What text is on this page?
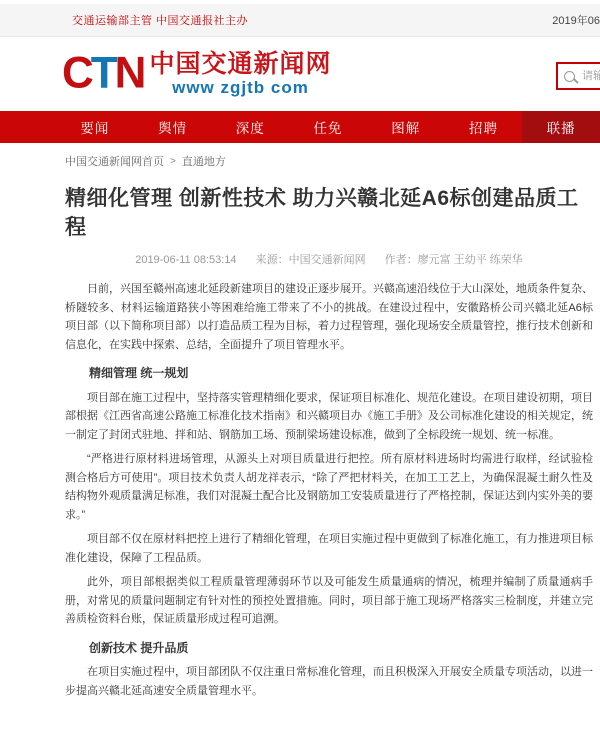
交通运输部主管 中国交通报社主办	2019年06
CTN 中国交通新闻网
www zgjtb com
请输入关键词
要闻	舆情	深度	任免	图解	招聘	联播
中国交通新闻网首页 > 直通地方
精细化管理 创新性技术 助力兴赣北延A6标创建品质工程
2019-06-11 08:53:14 来源：中国交通新闻网 作者：廖元富 王幼平 练荣华

日前，兴国至赣州高速北延段新建项目的建设正逐步展开。兴赣高速沿线位于大山深处，地质条件复杂、桥隧较多、材料运输道路狭小等困难给施工带来了不小的挑战。在建设过程中，安徽路桥公司兴赣北延A6标项目部（以下简称项目部）以打造品质工程为目标，着力过程管理，强化现场安全质量管控，推行技术创新和信息化，在实践中探索、总结，全面提升了项目管理水平。

精细管理 统一规划

项目部在施工过程中，坚持落实管理精细化要求，保证项目标准化、规范化建设。在项目建设初期，项目部根据《江西省高速公路施工标准化技术指南》和兴赣项目办《施工手册》及公司标准化建设的相关规定，统一制定了封闭式驻地、拌和站、钢筋加工场、预制梁场建设标准，做到了全标段统一规划、统一标准。

“严格进行原材料进场管理，从源头上对项目质量进行把控。所有原材料进场时均需进行取样，经试验检测合格后方可使用”。项目技术负责人胡龙祥表示，“除了严把材料关，在加工工艺上，为确保混凝土耐久性及结构物外观质量满足标准，我们对混凝土配合比及钢筋加工安装质量进行了严格控制，保证达到内实外美的要求。”

项目部不仅在原材料把控上进行了精细化管理，在项目实施过程中更做到了标准化施工，有力推进项目标准化建设，保障了工程品质。

此外，项目部根据类似工程质量管理薄弱环节以及可能发生质量通病的情况，梳理并编制了质量通病手册，对常见的质量问题制定有针对性的预控处置措施。同时，项目部于施工现场严格落实三检制度，并建立完善质检资料台账，保证质量形成过程可追溯。

创新技术 提升品质

在项目实施过程中，项目部团队不仅注重日常标准化管理，而且积极深入开展安全质量专项活动，以进一步提高兴赣北延高速安全质量管理水平。
